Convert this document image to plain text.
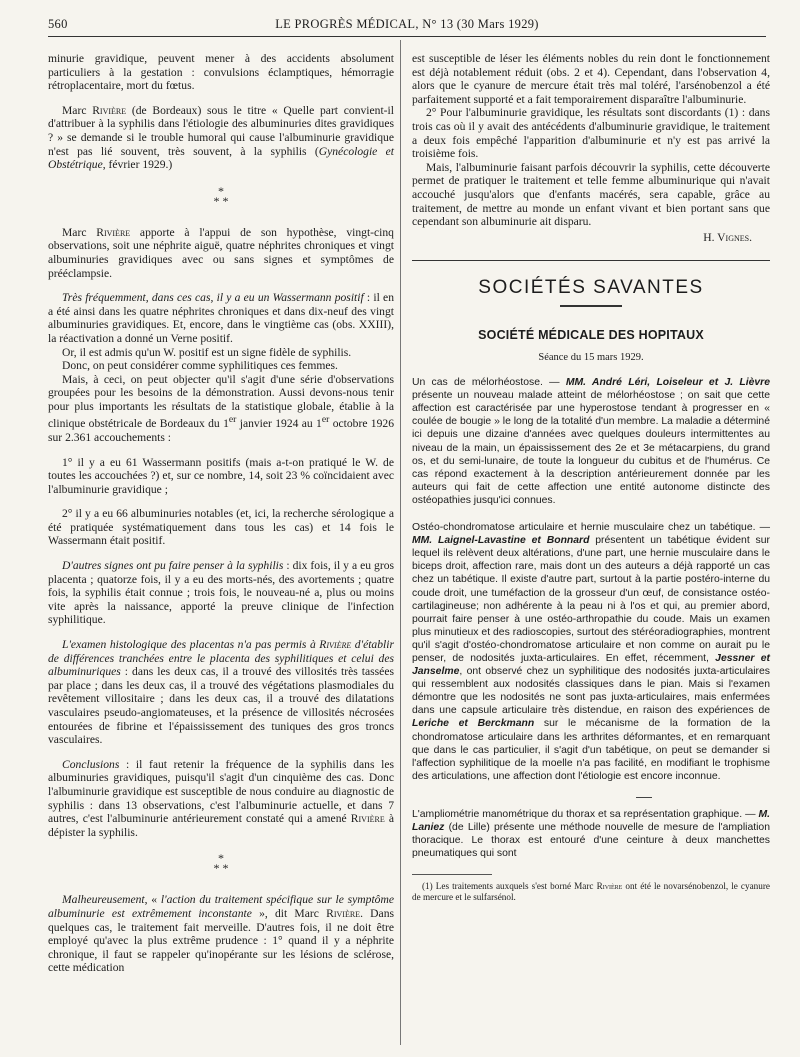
560	LE PROGRÈS MÉDICAL, N° 13 (30 Mars 1929)

minurie gravidique, peuvent mener à des accidents absolument particuliers à la gestation : convulsions éclamptiques, hémorragie rétroplacentaire, mort du fœtus.

Marc Rivière (de Bordeaux) sous le titre « Quelle part convient-il d'attribuer à la syphilis dans l'étiologie des albuminuries dites gravidiques ? » se demande si le trouble humoral qui cause l'albuminurie gravidique n'est pas lié souvent, très souvent, à la syphilis (Gynécologie et Obstétrique, février 1929.)

*
* *

Marc Rivière apporte à l'appui de son hypothèse, vingt-cinq observations, soit une néphrite aiguë, quatre néphrites chroniques et vingt albuminuries gravidiques avec ou sans signes et symptômes de prééclampsie.

Très fréquemment, dans ces cas, il y a eu un Wassermann positif : il en a été ainsi dans les quatre néphrites chroniques et dans dix-neuf des vingt albuminuries gravidiques. Et, encore, dans le vingtième cas (obs. XXIII), la réactivation a donné un Verne positif.

Or, il est admis qu'un W. positif est un signe fidèle de syphilis.

Donc, on peut considérer comme syphilitiques ces femmes.

Mais, à ceci, on peut objecter qu'il s'agit d'une série d'observations groupées pour les besoins de la démonstration. Aussi devons-nous tenir pour plus importants les résultats de la statistique globale, établie à la clinique obstétricale de Bordeaux du 1er janvier 1924 au 1er octobre 1926 sur 2.361 accouchements :

1° il y a eu 61 Wassermann positifs (mais a-t-on pratiqué le W. de toutes les accouchées ?) et, sur ce nombre, 14, soit 23 % coïncidaient avec l'albuminurie gravidique ;

2° il y a eu 66 albuminuries notables (et, ici, la recherche sérologique a été pratiquée systématiquement dans tous les cas) et 14 fois le Wassermann était positif.

D'autres signes ont pu faire penser à la syphilis : dix fois, il y a eu gros placenta ; quatorze fois, il y a eu des morts-nés, des avortements ; quatre fois, la syphilis était connue ; trois fois, le nouveau-né a, plus ou moins vite après la naissance, apporté la preuve clinique de l'infection syphilitique.

L'examen histologique des placentas n'a pas permis à Rivière d'établir de différences tranchées entre le placenta des syphilitiques et celui des albuminuriques : dans les deux cas, il a trouvé des villosités très tassées par place ; dans les deux cas, il a trouvé des végétations plasmodiales du revêtement villositaire ; dans les deux cas, il a trouvé des dilatations vasculaires pseudo-angiomateuses, et la présence de villosités nécrosées entourées de fibrine et l'épaississement des tuniques des gros troncs vasculaires.

Conclusions : il faut retenir la fréquence de la syphilis dans les albuminuries gravidiques, puisqu'il s'agit d'un cinquième des cas. Donc l'albuminurie gravidique est susceptible de nous conduire au diagnostic de syphilis : dans 13 observations, c'est l'albuminurie actuelle, et dans 7 autres, c'est l'albuminurie antérieurement constaté qui a amené Rivière à dépister la syphilis.

*
* *

Malheureusement, « l'action du traitement spécifique sur le symptôme albuminurie est extrêmement inconstante », dit Marc Rivière. Dans quelques cas, le traitement fait merveille. D'autres fois, il ne doit être employé qu'avec la plus extrême prudence : 1° quand il y a néphrite chronique, il faut se rappeler qu'inopérante sur les lésions de sclérose, cette médication

est susceptible de léser les éléments nobles du rein dont le fonctionnement est déjà notablement réduit (obs. 2 et 4). Cependant, dans l'observation 4, alors que le cyanure de mercure était très mal toléré, l'arsénobenzol a été parfaitement supporté et a fait temporairement disparaître l'albuminurie.

2° Pour l'albuminurie gravidique, les résultats sont discordants (1) : dans trois cas où il y avait des antécédents d'albuminurie gravidique, le traitement a deux fois empêché l'apparition d'albuminurie et n'y est pas arrivé la troisième fois.

Mais, l'albuminurie faisant parfois découvrir la syphilis, cette découverte permet de pratiquer le traitement et telle femme albuminurique qui n'avait accouché jusqu'alors que d'enfants macérés, sera capable, grâce au traitement, de mettre au monde un enfant vivant et bien portant sans que cependant son albuminurie ait disparu.

H. Vignes.
SOCIÉTÉS SAVANTES
SOCIÉTÉ MÉDICALE DES HOPITAUX
Séance du 15 mars 1929.

Un cas de mélorhéostose. — MM. André Léri, Loiseleur et J. Lièvre présente un nouveau malade atteint de mélorhéostose ; on sait que cette affection est caractérisée par une hyperostose tendant à progresser en « coulée de bougie » le long de la totalité d'un membre. La maladie a déterminé ici depuis une dizaine d'années avec quelques douleurs intermittentes au niveau de la main, un épaississement des 2e et 3e métacarpiens, du grand os, et du semi-lunaire, de toute la longueur du cubitus et de l'humérus. Ce cas répond exactement à la description antérieurement donnée par les auteurs qui fait de cette affection une entité autonome distincte des ostéopathies jusqu'ici connues.

Ostéo-chondromatose articulaire et hernie musculaire chez un tabétique. — MM. Laignel-Lavastine et Bonnard présentent un tabétique évident sur lequel ils relèvent deux altérations, d'une part, une hernie musculaire dans le biceps droit, affection rare, mais dont un des auteurs a déjà rapporté un cas chez un tabétique. Il existe d'autre part, surtout à la partie postéro-interne du coude droit, une tuméfaction de la grosseur d'un œuf, de consistance ostéo-cartilagineuse; non adhérente à la peau ni à l'os et qui, au premier abord, pourrait faire penser à une ostéo-arthropathie du coude. Mais un examen plus minutieux et des radioscopies, surtout des stéréoradiographies, montrent qu'il s'agit d'ostéo-chondromatose articulaire et non comme on aurait pu le penser, de nodosités juxta-articulaires. En effet, récemment, Jessner et Janselme, ont observé chez un syphilitique des nodosités juxta-articulaires qui ressemblent aux nodosités classiques dans le pian. Mais si l'examen démontre que les nodosités ne sont pas juxta-articulaires, mais enfermées dans une capsule articulaire très distendue, en raison des expériences de Leriche et Berckmann sur le mécanisme de la formation de la chondromatose articulaire dans les arthrites déformantes, et en remarquant que dans le cas particulier, il s'agit d'un tabétique, on peut se demander si l'affection syphilitique de la moelle n'a pas facilité, en modifiant le trophisme des articulations, une affection dont l'étiologie est encore inconnue.

L'ampliométrie manométrique du thorax et sa représentation graphique. — M. Laniez (de Lille) présente une méthode nouvelle de mesure de l'ampliation thoracique. Le thorax est entouré d'une ceinture à deux manchettes pneumatiques qui sont

(1) Les traitements auxquels s'est borné Marc Rivière ont été le novarsénobenzol, le cyanure de mercure et le sulfarsénol.
